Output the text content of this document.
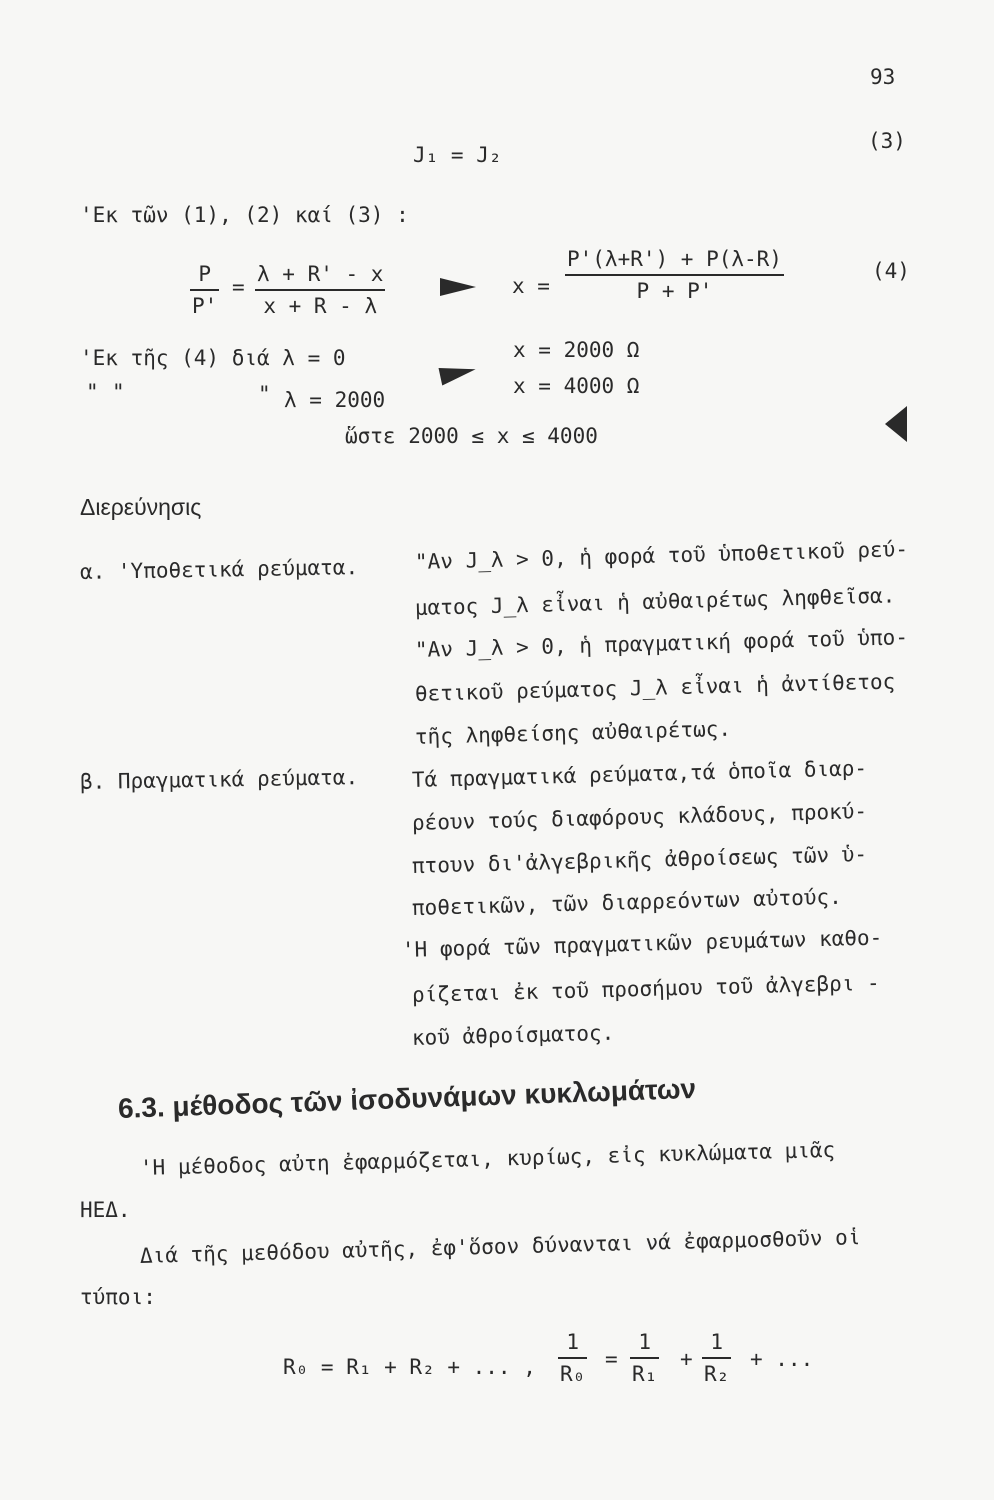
93
J₁ = J₂
(3)
'Εκ τῶν (1), (2) καί (3) :
P
P'
=
λ + R' - x
x + R - λ
x =
P'(λ+R') + P(λ-R)
P + P'
(4)
'Εκ τῆς (4) διά λ = 0	x = 2000 Ω
" "	" λ = 2000
x = 4000 Ω
ὥστε 2000 ≤ x ≤ 4000
Διερεύνησις
α. 'Υποθετικά ρεύματα.	"Αν J_λ > 0, ἡ φορά τοῦ ὑποθετικοῦ ρεύ-
ματος J_λ εἶναι ἡ αὐθαιρέτως ληφθεῖσα.
"Αν J_λ > 0, ἡ πραγματική φορά τοῦ ὑπο-
θετικοῦ ρεύματος J_λ εἶναι ἡ ἀντίθετος
τῆς ληφθείσης αὐθαιρέτως.
β. Πραγματικά ρεύματα.	Τά πραγματικά ρεύματα,τά ὁποῖα διαρ-
ρέουν τούς διαφόρους κλάδους, προκύ-
πτουν δι'ἀλγεβρικῆς ἀθροίσεως τῶν ὑ-
ποθετικῶν, τῶν διαρρεόντων αὐτούς.
'Η φορά τῶν πραγματικῶν ρευμάτων καθο-
ρίζεται ἐκ τοῦ προσήμου τοῦ ἀλγεβρι -
κοῦ ἀθροίσματος.
6.3. μέθοδος τῶν ἰσοδυνάμων κυκλωμάτων
'Η μέθοδος αὐτη ἐφαρμόζεται, κυρίως, εἰς κυκλώματα μιᾶς
ΗΕΔ.
Διά τῆς μεθόδου αὐτῆς, ἐφ'ὅσον δύνανται νά ἐφαρμοσθοῦν οἱ
τύποι:
R₀ = R₁ + R₂ + ... ,
1
R₀
=
1
R₁
+
1
R₂
+ ...
